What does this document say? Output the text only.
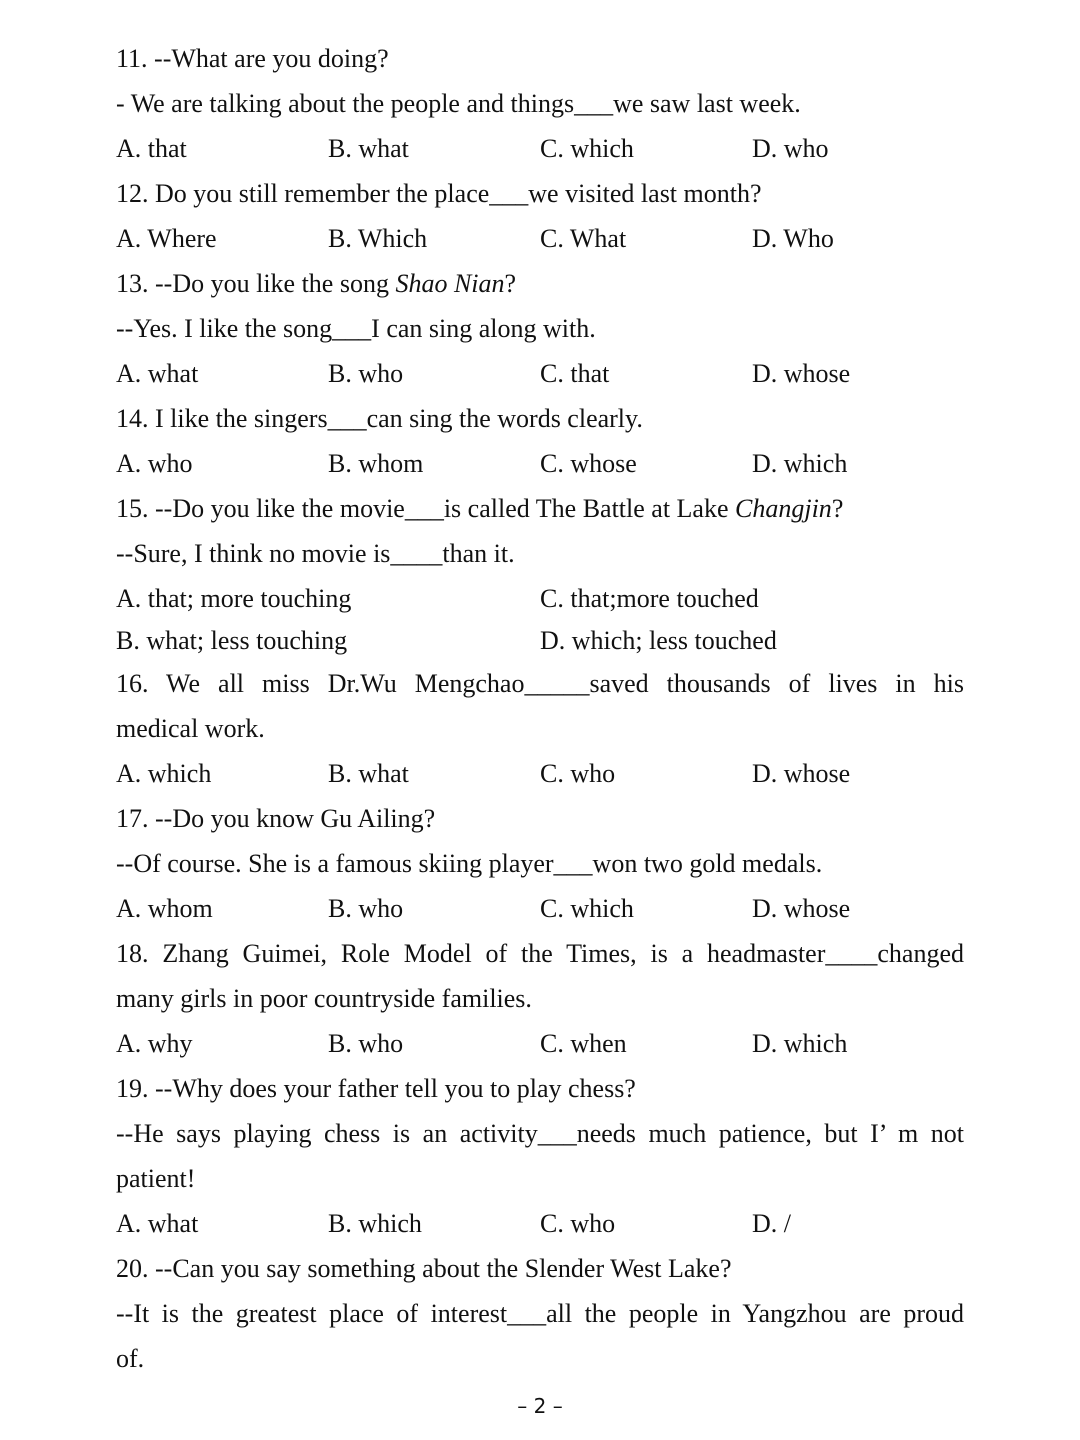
11. --What are you doing?
- We are talking about the people and things___we saw last week.
A. that	B. what	C. which	D. who
12. Do you still remember the place___we visited last month?
A. Where	B. Which	C. What	D. Who
13. --Do you like the song Shao Nian?
--Yes. I like the song___I can sing along with.
A. what	B. who	C. that	D. whose
14. I like the singers___can sing the words clearly.
A. who	B. whom	C. whose	D. which
15. --Do you like the movie___is called The Battle at Lake Changjin?
--Sure, I think no movie is____than it.
A. that; more touching	C. that;more touched
B. what; less touching	D. which; less touched
16. We all miss Dr.Wu Mengchao_____saved thousands of lives in his
medical work.
A. which	B. what	C. who	D. whose
17. --Do you know Gu Ailing?
--Of course. She is a famous skiing player___won two gold medals.
A. whom	B. who	C. which	D. whose
18. Zhang Guimei, Role Model of the Times, is a headmaster____changed
many girls in poor countryside families.
A. why	B. who	C. when	D. which
19. --Why does your father tell you to play chess?
--He says playing chess is an activity___needs much patience, but I’ m not
patient!
A. what	B. which	C. who	D. /
20. --Can you say something about the Slender West Lake?
--It is the greatest place of interest___all the people in Yangzhou are proud
of.
– 2 –
